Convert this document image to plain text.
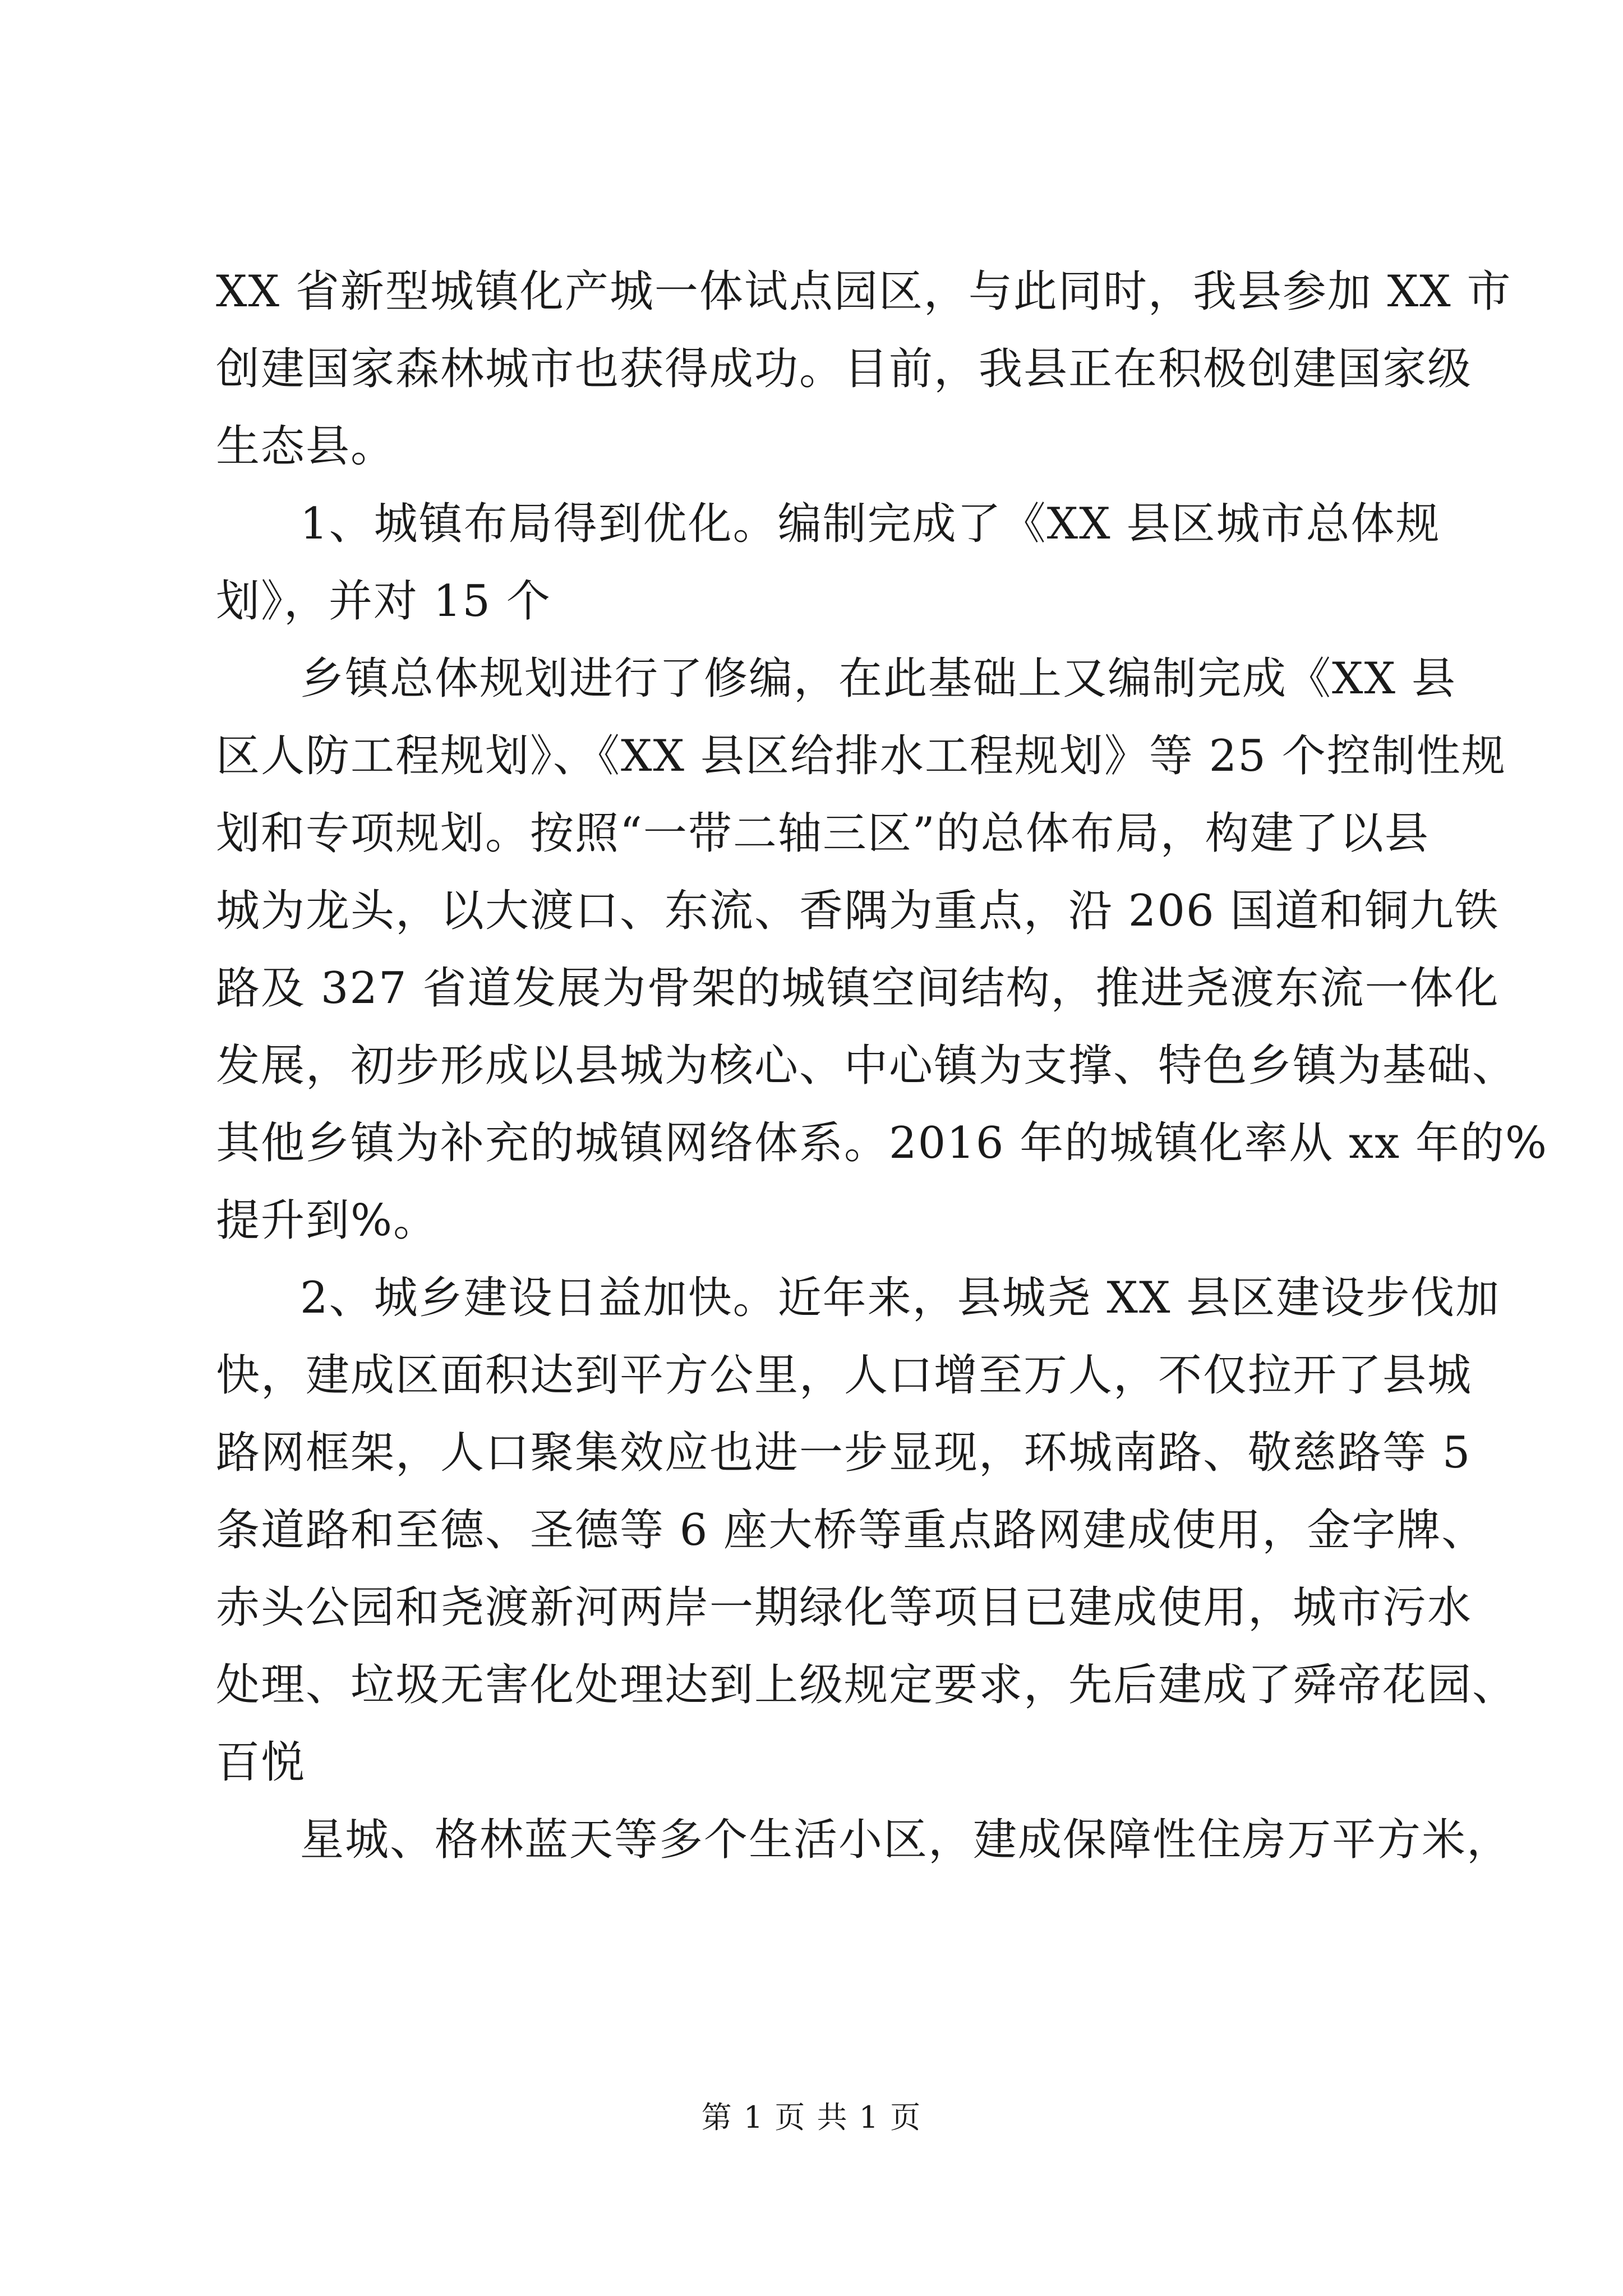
XX 省新型城镇化产城一体试点园区，与此同时，我县参加 XX 市
创建国家森林城市也获得成功。目前，我县正在积极创建国家级
生态县。
1、城镇布局得到优化。编制完成了《XX 县区城市总体规
划》，并对 15 个
乡镇总体规划进行了修编，在此基础上又编制完成《XX 县
区人防工程规划》、《XX 县区给排水工程规划》等 25 个控制性规
划和专项规划。按照“一带二轴三区”的总体布局，构建了以县
城为龙头，以大渡口、东流、香隅为重点，沿 206 国道和铜九铁
路及 327 省道发展为骨架的城镇空间结构，推进尧渡东流一体化
发展，初步形成以县城为核心、中心镇为支撑、特色乡镇为基础、
其他乡镇为补充的城镇网络体系。2016 年的城镇化率从 xx 年的%
提升到%。
2、城乡建设日益加快。近年来，县城尧 XX 县区建设步伐加
快，建成区面积达到平方公里，人口增至万人，不仅拉开了县城
路网框架，人口聚集效应也进一步显现，环城南路、敬慈路等 5
条道路和至德、圣德等 6 座大桥等重点路网建成使用，金字牌、
赤头公园和尧渡新河两岸一期绿化等项目已建成使用，城市污水
处理、垃圾无害化处理达到上级规定要求，先后建成了舜帝花园、
百悦
星城、格林蓝天等多个生活小区，建成保障性住房万平方米，
第 1 页 共 1 页
